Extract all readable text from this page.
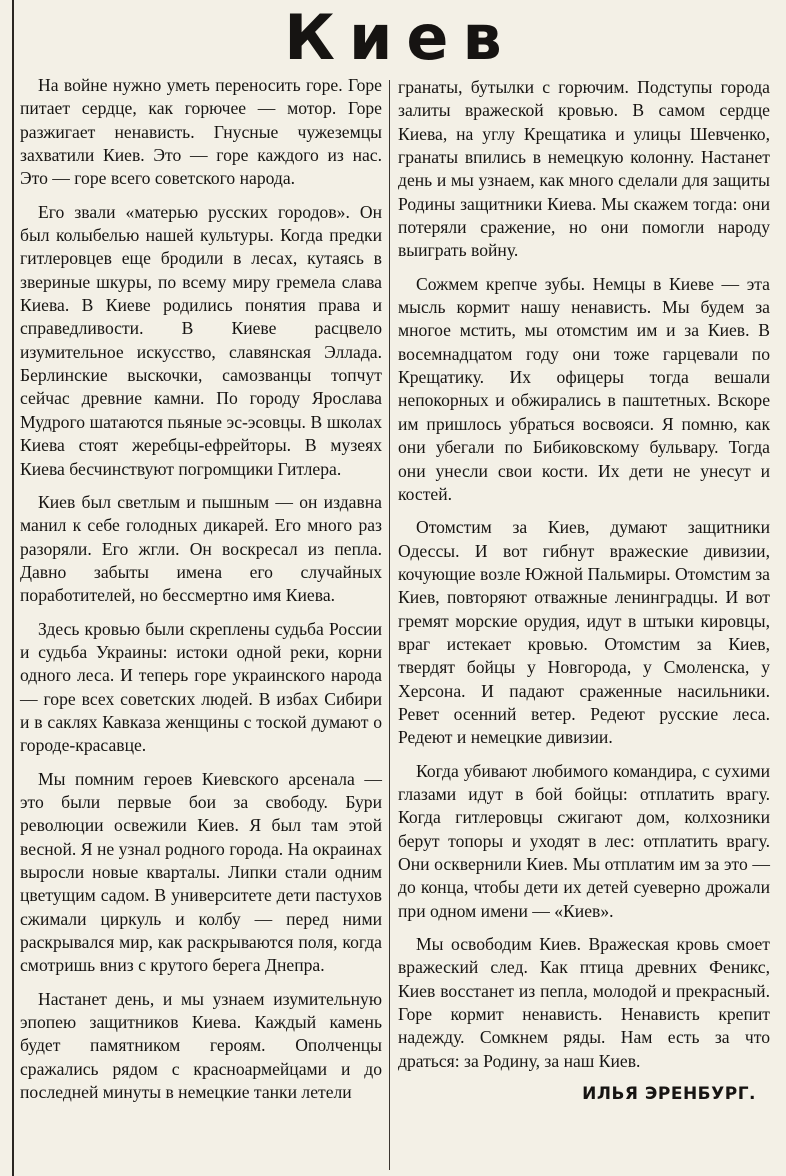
Киев

На войне нужно уметь переносить горе. Горе питает сердце, как горючее — мотор. Горе разжигает ненависть. Гнусные чужеземцы захватили Киев. Это — горе каждого из нас. Это — горе всего советского народа.

Его звали «матерью русских городов». Он был колыбелью нашей культуры. Когда предки гитлеровцев еще бродили в лесах, кутаясь в звериные шкуры, по всему миру гремела слава Киева. В Киеве родились понятия права и справедливости. В Киеве расцвело изумительное искусство, славянская Эллада. Берлинские выскочки, самозванцы топчут сейчас древние камни. По городу Ярослава Мудрого шатаются пьяные эс-эсовцы. В школах Киева стоят жеребцы-ефрейторы. В музеях Киева бесчинствуют погромщики Гитлера.

Киев был светлым и пышным — он издавна манил к себе голодных дикарей. Его много раз разоряли. Его жгли. Он воскресал из пепла. Давно забыты имена его случайных поработителей, но бессмертно имя Киева.

Здесь кровью были скреплены судьба России и судьба Украины: истоки одной реки, корни одного леса. И теперь горе украинского народа — горе всех советских людей. В избах Сибири и в саклях Кавказа женщины с тоской думают о городе-красавце.

Мы помним героев Киевского арсенала — это были первые бои за свободу. Бури революции освежили Киев. Я был там этой весной. Я не узнал родного города. На окраинах выросли новые кварталы. Липки стали одним цветущим садом. В университете дети пастухов сжимали циркуль и колбу — перед ними раскрывался мир, как раскрываются поля, когда смотришь вниз с крутого берега Днепра.

Настанет день, и мы узнаем изумительную эпопею защитников Киева. Каждый камень будет памятником героям. Ополченцы сражались рядом с красноармейцами и до последней минуты в немецкие танки летели

гранаты, бутылки с горючим. Подступы города залиты вражеской кровью. В самом сердце Киева, на углу Крещатика и улицы Шевченко, гранаты впились в немецкую колонну. Настанет день и мы узнаем, как много сделали для защиты Родины защитники Киева. Мы скажем тогда: они потеряли сражение, но они помогли народу выиграть войну.

Сожмем крепче зубы. Немцы в Киеве — эта мысль кормит нашу ненависть. Мы будем за многое мстить, мы отомстим им и за Киев. В восемнадцатом году они тоже гарцевали по Крещатику. Их офицеры тогда вешали непокорных и обжирались в паштетных. Вскоре им пришлось убраться восвояси. Я помню, как они убегали по Бибиковскому бульвару. Тогда они унесли свои кости. Их дети не унесут и костей.

Отомстим за Киев, думают защитники Одессы. И вот гибнут вражеские дивизии, кочующие возле Южной Пальмиры. Отомстим за Киев, повторяют отважные ленинградцы. И вот гремят морские орудия, идут в штыки кировцы, враг истекает кровью. Отомстим за Киев, твердят бойцы у Новгорода, у Смоленска, у Херсона. И падают сраженные насильники. Ревет осенний ветер. Редеют русские леса. Редеют и немецкие дивизии.

Когда убивают любимого командира, с сухими глазами идут в бой бойцы: отплатить врагу. Когда гитлеровцы сжигают дом, колхозники берут топоры и уходят в лес: отплатить врагу. Они осквернили Киев. Мы отплатим им за это — до конца, чтобы дети их детей суеверно дрожали при одном имени — «Киев».

Мы освободим Киев. Вражеская кровь смоет вражеский след. Как птица древних Феникс, Киев восстанет из пепла, молодой и прекрасный. Горе кормит ненависть. Ненависть крепит надежду. Сомкнем ряды. Нам есть за что драться: за Родину, за наш Киев.

ИЛЬЯ ЭРЕНБУРГ.
